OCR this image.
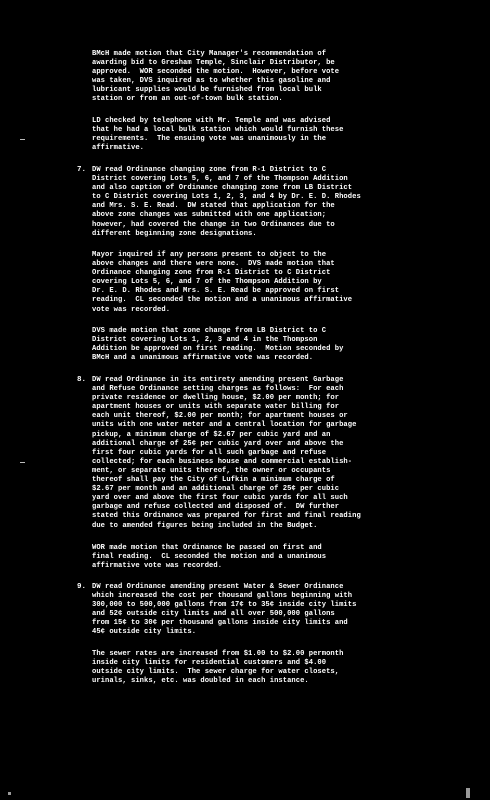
BMcH made motion that City Manager's recommendation of
awarding bid to Gresham Temple, Sinclair Distributor, be
approved.  WOR seconded the motion.  However, before vote
was taken, DVS inquired as to whether this gasoline and
lubricant supplies would be furnished from local bulk
station or from an out-of-town bulk station.

LD checked by telephone with Mr. Temple and was advised
that he had a local bulk station which would furnish these
requirements.  The ensuing vote was unanimously in the
affirmative.

7. DW read Ordinance changing zone from R-1 District to C
District covering Lots 5, 6, and 7 of the Thompson Addition
and also caption of Ordinance changing zone from LB District
to C District covering Lots 1, 2, 3, and 4 by Dr. E. D. Rhodes
and Mrs. S. E. Read.  DW stated that application for the
above zone changes was submitted with one application;
however, had covered the change in two Ordinances due to
different beginning zone designations.

Mayor inquired if any persons present to object to the
above changes and there were none.  DVS made motion that
Ordinance changing zone from R-1 District to C District
covering Lots 5, 6, and 7 of the Thompson Addition by
Dr. E. D. Rhodes and Mrs. S. E. Read be approved on first
reading.  CL seconded the motion and a unanimous affirmative
vote was recorded.

DVS made motion that zone change from LB District to C
District covering Lots 1, 2, 3 and 4 in the Thompson
Addition be approved on first reading.  Motion seconded by
BMcH and a unanimous affirmative vote was recorded.

8. DW read Ordinance in its entirety amending present Garbage
and Refuse Ordinance setting charges as follows:  For each
private residence or dwelling house, $2.00 per month; for
apartment houses or units with separate water billing for
each unit thereof, $2.00 per month; for apartment houses or
units with one water meter and a central location for garbage
pickup, a minimum charge of $2.67 per cubic yard and an
additional charge of 25¢ per cubic yard over and above the
first four cubic yards for all such garbage and refuse
collected; for each business house and commercial establish-
ment, or separate units thereof, the owner or occupants
thereof shall pay the City of Lufkin a minimum charge of
$2.67 per month and an additional charge of 25¢ per cubic
yard over and above the first four cubic yards for all such
garbage and refuse collected and disposed of.  DW further
stated this Ordinance was prepared for first and final reading
due to amended figures being included in the Budget.

WOR made motion that Ordinance be passed on first and
final reading.  CL seconded the motion and a unanimous
affirmative vote was recorded.

9. DW read Ordinance amending present Water & Sewer Ordinance
which increased the cost per thousand gallons beginning with
300,000 to 500,000 gallons from 17¢ to 35¢ inside city limits
and 52¢ outside city limits and all over 500,000 gallons
from 15¢ to 30¢ per thousand gallons inside city limits and
45¢ outside city limits.

The sewer rates are increased from $1.00 to $2.00 permonth
inside city limits for residential customers and $4.00
outside city limits.  The sewer charge for water closets,
urinals, sinks, etc. was doubled in each instance.
